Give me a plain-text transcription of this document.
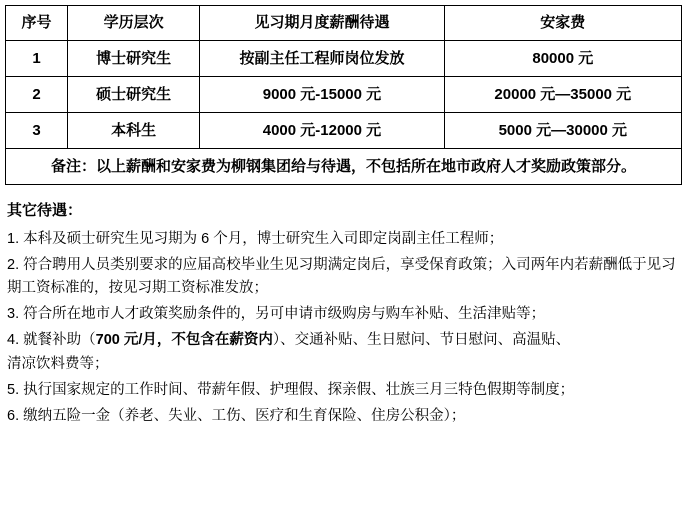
序号	学历层次	见习期月度薪酬待遇	安家费
1	博士研究生	按副主任工程师岗位发放	80000 元
2	硕士研究生	9000 元-15000 元	20000 元—35000 元
3	本科生	4000 元-12000 元	5000 元—30000 元
备注：以上薪酬和安家费为柳钢集团给与待遇，不包括所在地市政府人才奖励政策部分。			
其它待遇：
1. 本科及硕士研究生见习期为 6 个月，博士研究生入司即定岗副主任工程师；
2. 符合聘用人员类别要求的应届高校毕业生见习期满定岗后，享受保育政策；入司两年内若薪酬低于见习期工资标准的，按见习期工资标准发放；
3. 符合所在地市人才政策奖励条件的，另可申请市级购房与购车补贴、生活津贴等；
4. 就餐补助（700 元/月，不包含在薪资内）、交通补贴、生日慰问、节日慰问、高温贴、
清凉饮料费等；
5. 执行国家规定的工作时间、带薪年假、护理假、探亲假、壮族三月三特色假期等制度；
6. 缴纳五险一金（养老、失业、工伤、医疗和生育保险、住房公积金）；
